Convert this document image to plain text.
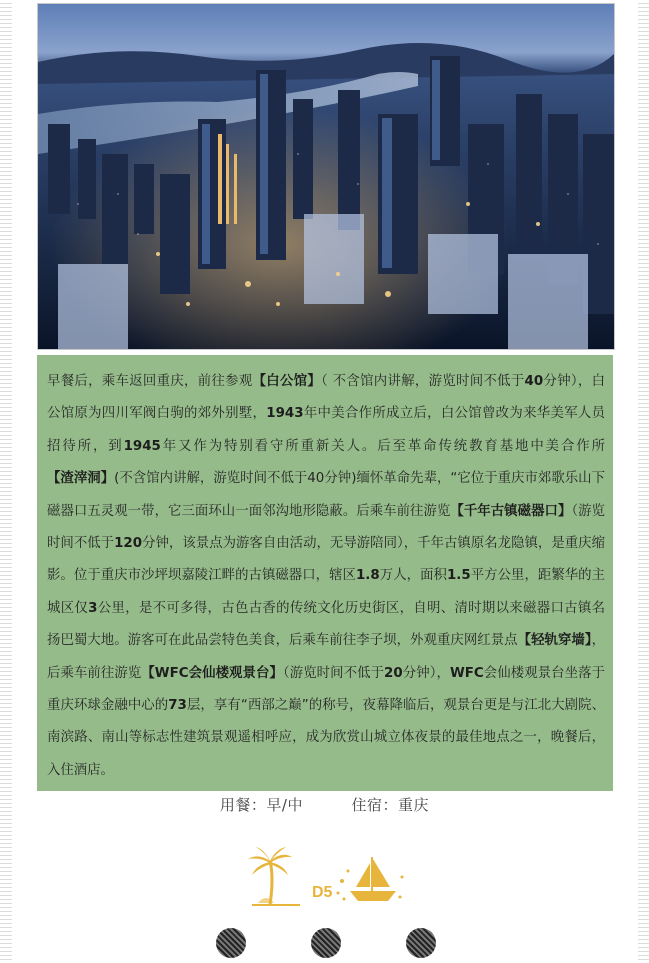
早餐后，乘车返回重庆，前往参观【白公馆】（ 不含馆内讲解，游览时间不低于40分钟），白公馆原为四川军阀白驹的郊外别墅，1943年中美合作所成立后，白公馆曾改为来华美军人员招待所，到1945年又作为特别看守所重新关人。后至革命传统教育基地中美合作所【渣滓洞】(不含馆内讲解，游览时间不低于40分钟)缅怀革命先辈，“它位于重庆市郊歌乐山下磁器口五灵观一带，它三面环山一面邻沟地形隐蔽。后乘车前往游览【千年古镇磁器口】（游览时间不低于120分钟，该景点为游客自由活动，无导游陪同），千年古镇原名龙隐镇，是重庆缩影。位于重庆市沙坪坝嘉陵江畔的古镇磁器口，辖区1.8万人，面积1.5平方公里，距繁华的主城区仅3公里，是不可多得，古色古香的传统文化历史街区，自明、清时期以来磁器口古镇名扬巴蜀大地。游客可在此品尝特色美食，后乘车前往李子坝，外观重庆网红景点【轻轨穿墙】，后乘车前往游览【WFC会仙楼观景台】（游览时间不低于20分钟），WFC会仙楼观景台坐落于重庆环球金融中心的73层，享有“西部之巅”的称号，夜幕降临后，观景台更是与江北大剧院、南滨路、南山等标志性建筑景观遥相呼应，成为欣赏山城立体夜景的最佳地点之一，晚餐后，入住酒店。
用餐：早/中	住宿：重庆
D5
